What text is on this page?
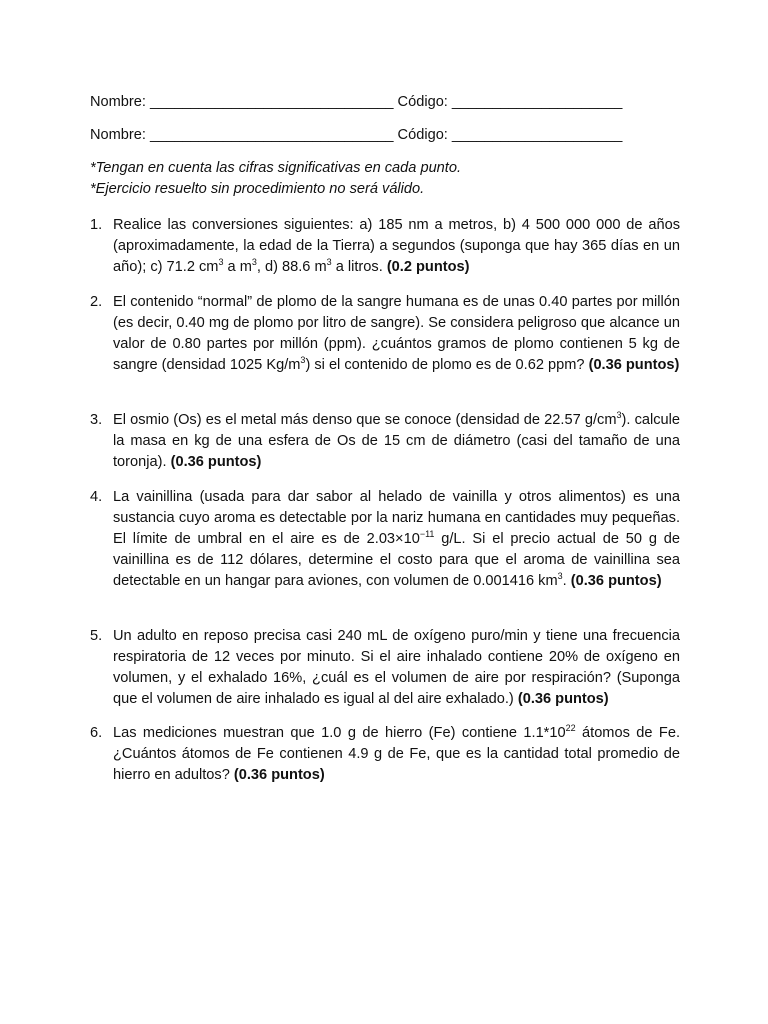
Nombre: ______________________________ Código: _____________________
Nombre: ______________________________ Código: _____________________

*Tengan en cuenta las cifras significativas en cada punto.

*Ejercicio resuelto sin procedimiento no será válido.

1. Realice las conversiones siguientes: a) 185 nm a metros, b) 4 500 000 000 de años (aproximadamente, la edad de la Tierra) a segundos (suponga que hay 365 días en un año); c) 71.2 $cm^3$ a $m^3$, d) 88.6 $m^3$ a litros. (0.2 puntos)
2. El contenido “normal” de plomo de la sangre humana es de unas 0.40 partes por millón (es decir, 0.40 mg de plomo por litro de sangre). Se considera peligroso que alcance un valor de 0.80 partes por millón (ppm). ¿cuántos gramos de plomo contienen 5 kg de sangre (densidad 1025 $Kg/m^3$) si el contenido de plomo es de 0.62 ppm? (0.36 puntos)
3. El osmio (Os) es el metal más denso que se conoce (densidad de 22.57 $g/cm^3$). calcule la masa en kg de una esfera de Os de 15 cm de diámetro (casi del tamaño de una toronja). (0.36 puntos)
4. La vainillina (usada para dar sabor al helado de vainilla y otros alimentos) es una sustancia cuyo aroma es detectable por la nariz humana en cantidades muy pequeñas. El límite de umbral en el aire es de $2.03\times 10^{-11}$ g/L. Si el precio actual de 50 g de vainillina es de 112 dólares, determine el costo para que el aroma de vainillina sea detectable en un hangar para aviones, con volumen de 0.001416 $km^3$. (0.36 puntos)
5. Un adulto en reposo precisa casi 240 mL de oxígeno puro/min y tiene una frecuencia respiratoria de 12 veces por minuto. Si el aire inhalado contiene 20% de oxígeno en volumen, y el exhalado 16%, ¿cuál es el volumen de aire por respiración? (Suponga que el volumen de aire inhalado es igual al del aire exhalado.) (0.36 puntos)
6. Las mediciones muestran que 1.0 g de hierro (Fe) contiene $1.1*10^{22}$ átomos de Fe. ¿Cuántos átomos de Fe contienen 4.9 g de Fe, que es la cantidad total promedio de hierro en adultos? (0.36 puntos)
